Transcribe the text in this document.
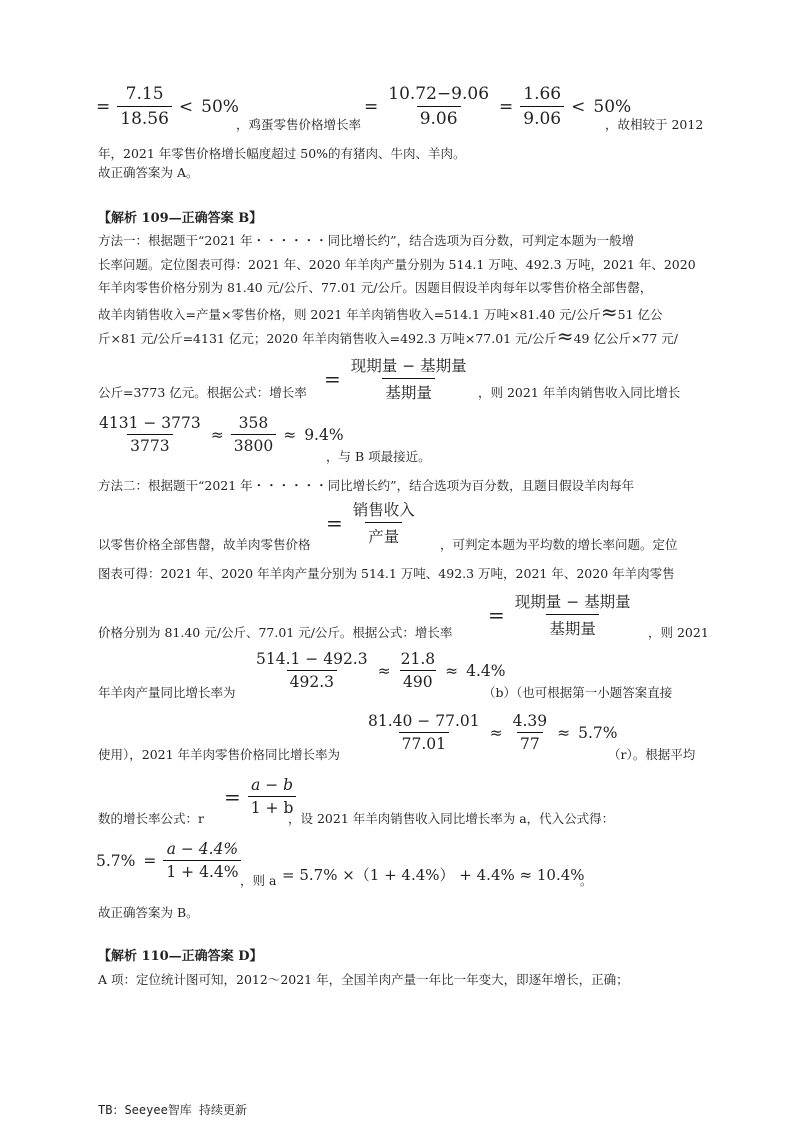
= $\frac{7.15}{18.56} < 50\%$
，鸡蛋零售价格增长率
= $\frac{10.72-9.06}{9.06} = \frac{1.66}{9.06} < 50\%$
，故相较于 2012
年，2021 年零售价格增长幅度超过 50%的有猪肉、牛肉、羊肉。
故正确答案为 A。
【解析 109—正确答案 B】
方法一：根据题干“2021 年・・・・・・同比增长约”，结合选项为百分数，可判定本题为一般增
长率问题。定位图表可得：2021 年、2020 年羊肉产量分别为 514.1 万吨、492.3 万吨，2021 年、2020
年羊肉零售价格分别为 81.40 元/公斤、77.01 元/公斤。因题目假设羊肉每年以零售价格全部售罄，
故羊肉销售收入=产量×零售价格，则 2021 年羊肉销售收入=514.1 万吨×81.40 元/公斤≈51 亿公
斤×81 元/公斤=4131 亿元；2020 年羊肉销售收入=492.3 万吨×77.01 元/公斤≈49 亿公斤×77 元/
公斤=3773 亿元。根据公式：增长率
= $\frac{\text{现期量 − 基期量}}{\text{基期量}}$ ，则 2021 年羊肉销售收入同比增长
$\frac{4131 - 3773}{3773} \approx \frac{358}{3800} \approx 9.4\%$
，与 B 项最接近。
方法二：根据题干“2021 年・・・・・・同比增长约”，结合选项为百分数，且题目假设羊肉每年
以零售价格全部售罄，故羊肉零售价格
= $\frac{\text{销售收入}}{\text{产量}}$ ，可判定本题为平均数的增长率问题。定位
图表可得：2021 年、2020 年羊肉产量分别为 514.1 万吨、492.3 万吨，2021 年、2020 年羊肉零售
价格分别为 81.40 元/公斤、77.01 元/公斤。根据公式：增长率
= $\frac{\text{现期量 − 基期量}}{\text{基期量}}$ ，则 2021
年羊肉产量同比增长率为
$\frac{514.1 - 492.3}{492.3} \approx \frac{21.8}{490} \approx 4.4\%$
（b）（也可根据第一小题答案直接
使用），2021 年羊肉零售价格同比增长率为
$\frac{81.40 - 77.01}{77.01} \approx \frac{4.39}{77} \approx 5.7\%$
（r）。根据平均
数的增长率公式：r
= $\frac{a - b}{1 + b}$
，设 2021 年羊肉销售收入同比增长率为 a，代入公式得：
$5.7\% = \frac{a - 4.4\%}{1 + 4.4\%}$
，则 a = 5.7% ×（1 + 4.4%） + 4.4% ≈ 10.4%
。
故正确答案为 B。
【解析 110—正确答案 D】
A 项：定位统计图可知，2012～2021 年，全国羊肉产量一年比一年变大，即逐年增长，正确；
TB：Seeyee智库 持续更新
